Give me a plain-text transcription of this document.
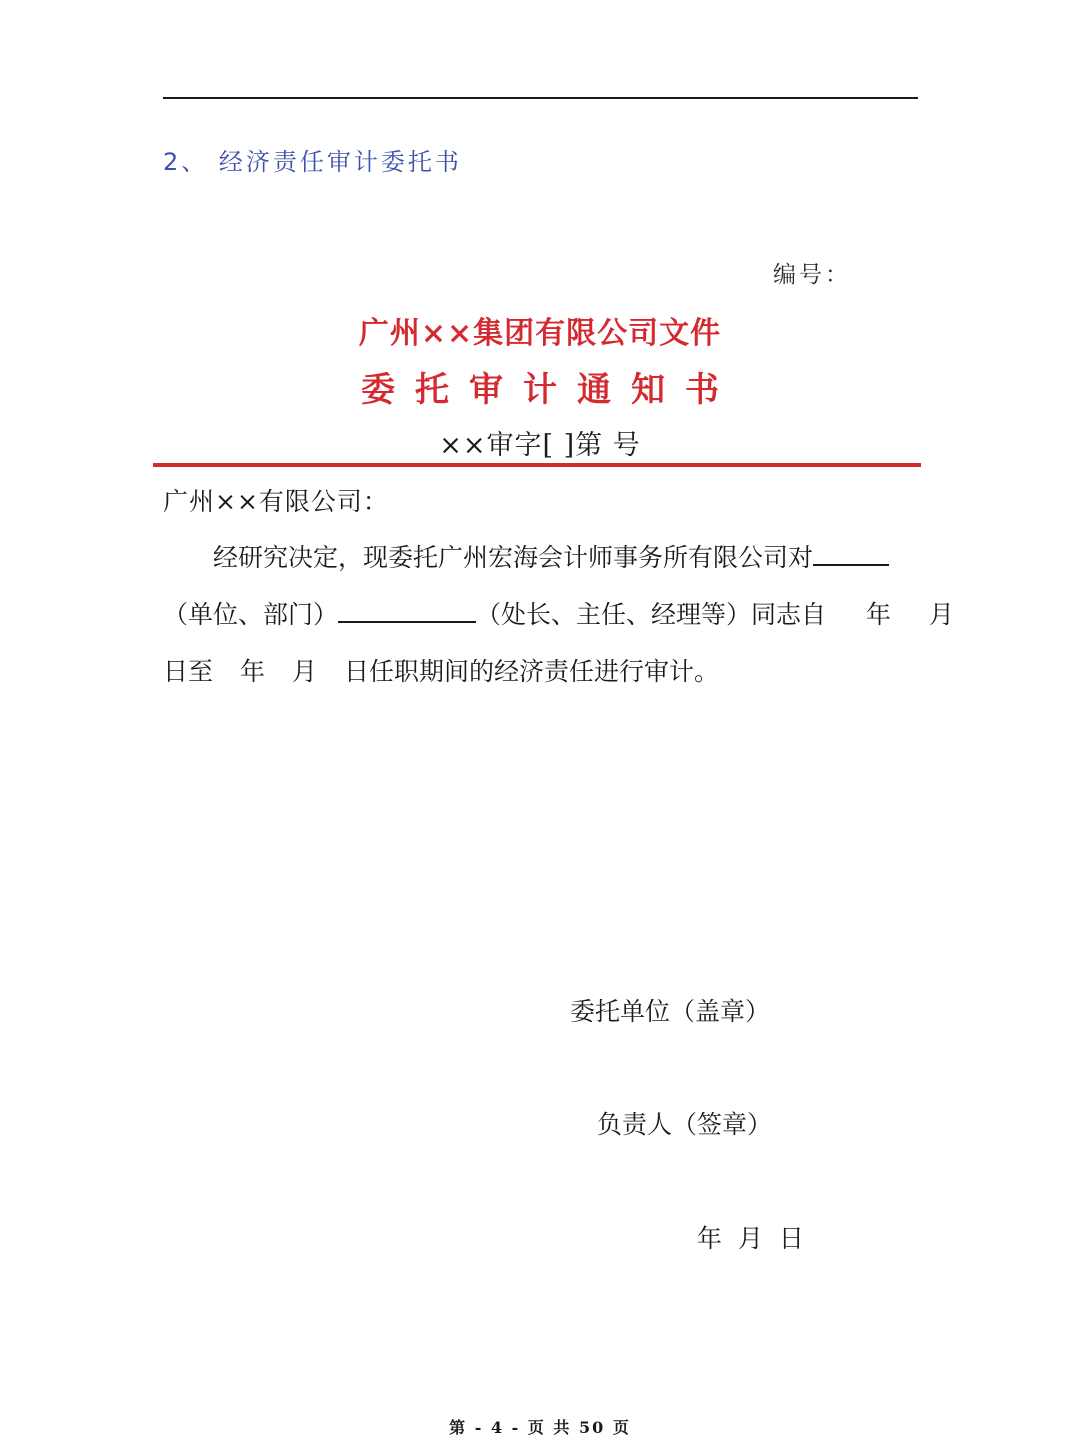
2、 经济责任审计委托书
编号：
广州××集团有限公司文件
委托审计通知书
××审字[ ]第 号
广州××有限公司：
经研究决定，现委托广州宏海会计师事务所有限公司对
（单位、部门）	（处长、主任、经理等）同志自 年 月
日至 年 月 日任职期间的经济责任进行审计。
委托单位（盖章）
负责人（签章）
年 月 日
第 - 4 - 页 共 50 页
